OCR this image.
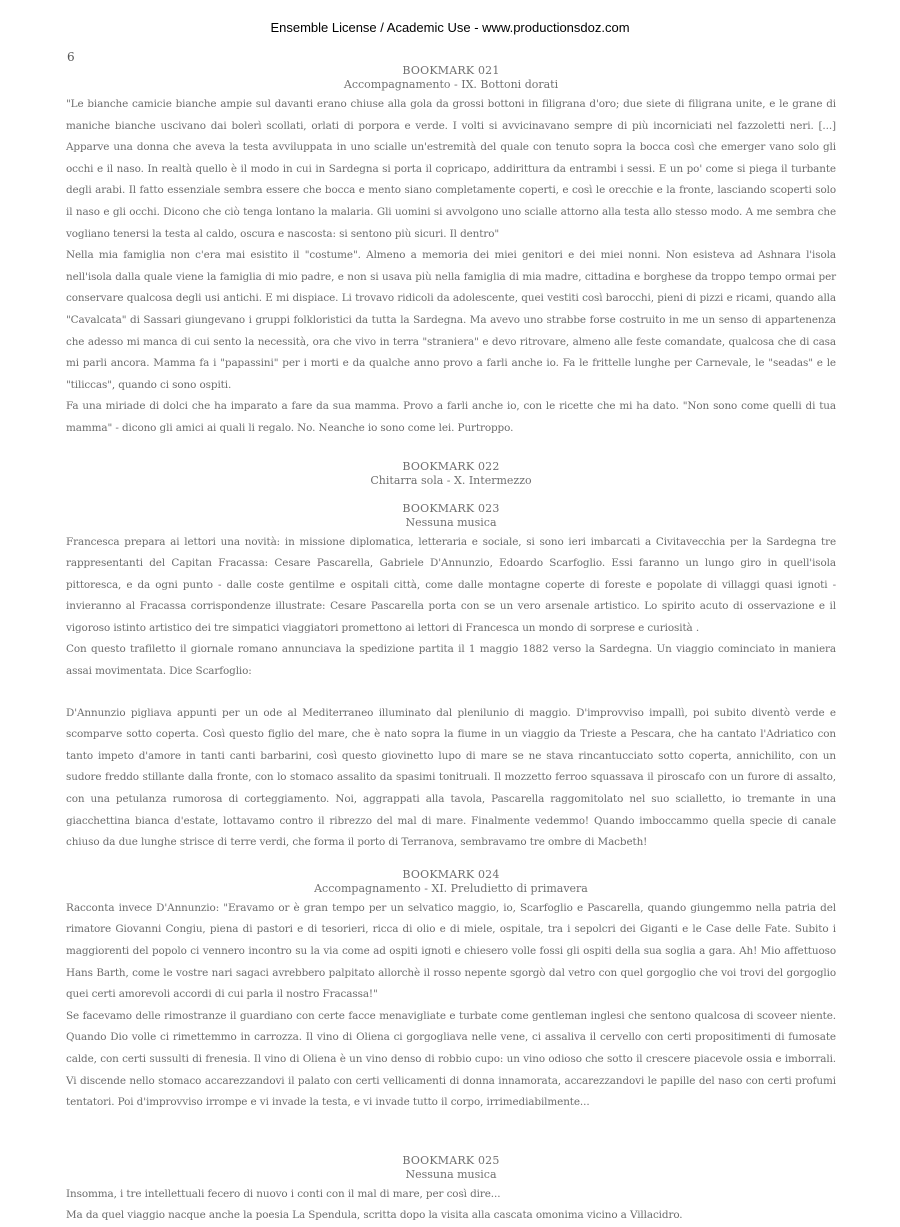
Ensemble License / Academic Use - www.productionsdoz.com
6
BOOKMARK 021
Accompagnamento - IX. Bottoni dorati

"Le bianche camicie bianche ampie sul davanti erano chiuse alla gola da grossi bottoni in filigrana d'oro; due siete di filigrana unite, e le grane di maniche bianche uscivano dai bolerì scollati, orlati di porpora e verde. I volti si avvicinavano sempre di più incorniciati nel fazzoletti neri. [...] Apparve una donna che aveva la testa avviluppata in uno scialle un'estremità del quale con tenuto sopra la bocca così che emerger vano solo gli occhi e il naso. In realtà quello è il modo in cui in Sardegna si porta il copricapo, addirittura da entrambi i sessi. E un po' come si piega il turbante degli arabi. Il fatto essenziale sembra essere che bocca e mento siano completamente coperti, e così le orecchie e la fronte, lasciando scoperti solo il naso e gli occhi. Dicono che ciò tenga lontano la malaria. Gli uomini si avvolgono uno scialle attorno alla testa allo stesso modo. A me sembra che vogliano tenersi la testa al caldo, oscura e nascosta: si sentono più sicuri. Il dentro"

Nella mia famiglia non c'era mai esistito il "costume". Almeno a memoria dei miei genitori e dei miei nonni. Non esisteva ad Ashnara l'isola nell'isola dalla quale viene la famiglia di mio padre, e non si usava più nella famiglia di mia madre, cittadina e borghese da troppo tempo ormai per conservare qualcosa degli usi antichi. E mi dispiace. Li trovavo ridicoli da adolescente, quei vestiti così barocchi, pieni di pizzi e ricami, quando alla "Cavalcata" di Sassari giungevano i gruppi folkloristici da tutta la Sardegna. Ma avevo uno strabbe forse costruito in me un senso di appartenenza che adesso mi manca di cui sento la necessità, ora che vivo in terra "straniera" e devo ritrovare, almeno alle feste comandate, qualcosa che di casa mi parli ancora. Mamma fa i "papassini" per i morti e da qualche anno provo a farli anche io. Fa le frittelle lunghe per Carnevale, le "seadas" e le "tiliccas", quando ci sono ospiti.

Fa una miriade di dolci che ha imparato a fare da sua mamma. Provo a farli anche io, con le ricette che mi ha dato. "Non sono come quelli di tua mamma" - dicono gli amici ai quali li regalo. No. Neanche io sono come lei. Purtroppo.

BOOKMARK 022
Chitarra sola - X. Intermezzo
BOOKMARK 023
Nessuna musica

Francesca prepara ai lettori una novità: in missione diplomatica, letteraria e sociale, si sono ieri imbarcati a Civitavecchia per la Sardegna tre rappresentanti del Capitan Fracassa: Cesare Pascarella, Gabriele D'Annunzio, Edoardo Scarfoglio. Essi faranno un lungo giro in quell'isola pittoresca, e da ogni punto - dalle coste gentilme e ospitali città, come dalle montagne coperte di foreste e popolate di villaggi quasi ignoti - invieranno al Fracassa corrispondenze illustrate: Cesare Pascarella porta con se un vero arsenale artistico. Lo spirito acuto di osservazione e il vigoroso istinto artistico dei tre simpatici viaggiatori promettono ai lettori di Francesca un mondo di sorprese e curiosità .

Con questo trafiletto il giornale romano annunciava la spedizione partita il 1 maggio 1882 verso la Sardegna. Un viaggio cominciato in maniera assai movimentata. Dice Scarfoglio:

D'Annunzio pigliava appunti per un ode al Mediterraneo illuminato dal plenilunio di maggio. D'improvviso impallì, poi subito diventò verde e scomparve sotto coperta. Così questo figlio del mare, che è nato sopra la fiume in un viaggio da Trieste a Pescara, che ha cantato l'Adriatico con tanto impeto d'amore in tanti canti barbarini, così questo giovinetto lupo di mare se ne stava rincantucciato sotto coperta, annichilito, con un sudore freddo stillante dalla fronte, con lo stomaco assalito da spasimi tonitruali. Il mozzetto ferroo squassava il piroscafo con un furore di assalto, con una petulanza rumorosa di corteggiamento. Noi, aggrappati alla tavola, Pascarella raggomitolato nel suo scialletto, io tremante in una giacchettina bianca d'estate, lottavamo contro il ribrezzo del mal di mare. Finalmente vedemmo! Quando imboccammo quella specie di canale chiuso da due lunghe strisce di terre verdi, che forma il porto di Terranova, sembravamo tre ombre di Macbeth!

BOOKMARK 024
Accompagnamento - XI. Preludietto di primavera

Racconta invece D'Annunzio: "Eravamo or è gran tempo per un selvatico maggio, io, Scarfoglio e Pascarella, quando giungemmo nella patria del rimatore Giovanni Congiu, piena di pastori e di tesorieri, ricca di olio e di miele, ospitale, tra i sepolcri dei Giganti e le Case delle Fate. Subito i maggiorenti del popolo ci vennero incontro su la via come ad ospiti ignoti e chiesero volle fossi gli ospiti della sua soglia a gara. Ah! Mio affettuoso Hans Barth, come le vostre nari sagaci avrebbero palpitato allorchè il rosso nepente sgorgò dal vetro con quel gorgoglio che voi trovi del gorgoglio quei certi amorevoli accordi di cui parla il nostro Fracassa!"

Se facevamo delle rimostranze il guardiano con certe facce menavigliate e turbate come gentleman inglesi che sentono qualcosa di scoveer niente. Quando Dio volle ci rimettemmo in carrozza. Il vino di Oliena ci gorgogliava nelle vene, ci assaliva il cervello con certi propositimenti di fumosate calde, con certi sussulti di frenesia. Il vino di Oliena è un vino denso di robbio cupo: un vino odioso che sotto il crescere piacevole ossia e imborrali. Vi discende nello stomaco accarezzandovi il palato con certi vellicamenti di donna innamorata, accarezzandovi le papille del naso con certi profumi tentatori. Poi d'improvviso irrompe e vi invade la testa, e vi invade tutto il corpo, irrimediabilmente...

BOOKMARK 025
Nessuna musica

Insomma, i tre intellettuali fecero di nuovo i conti con il mal di mare, per così dire...

Ma da quel viaggio nacque anche la poesia La Spendula, scritta dopo la visita alla cascata omonima vicino a Villacidro.
